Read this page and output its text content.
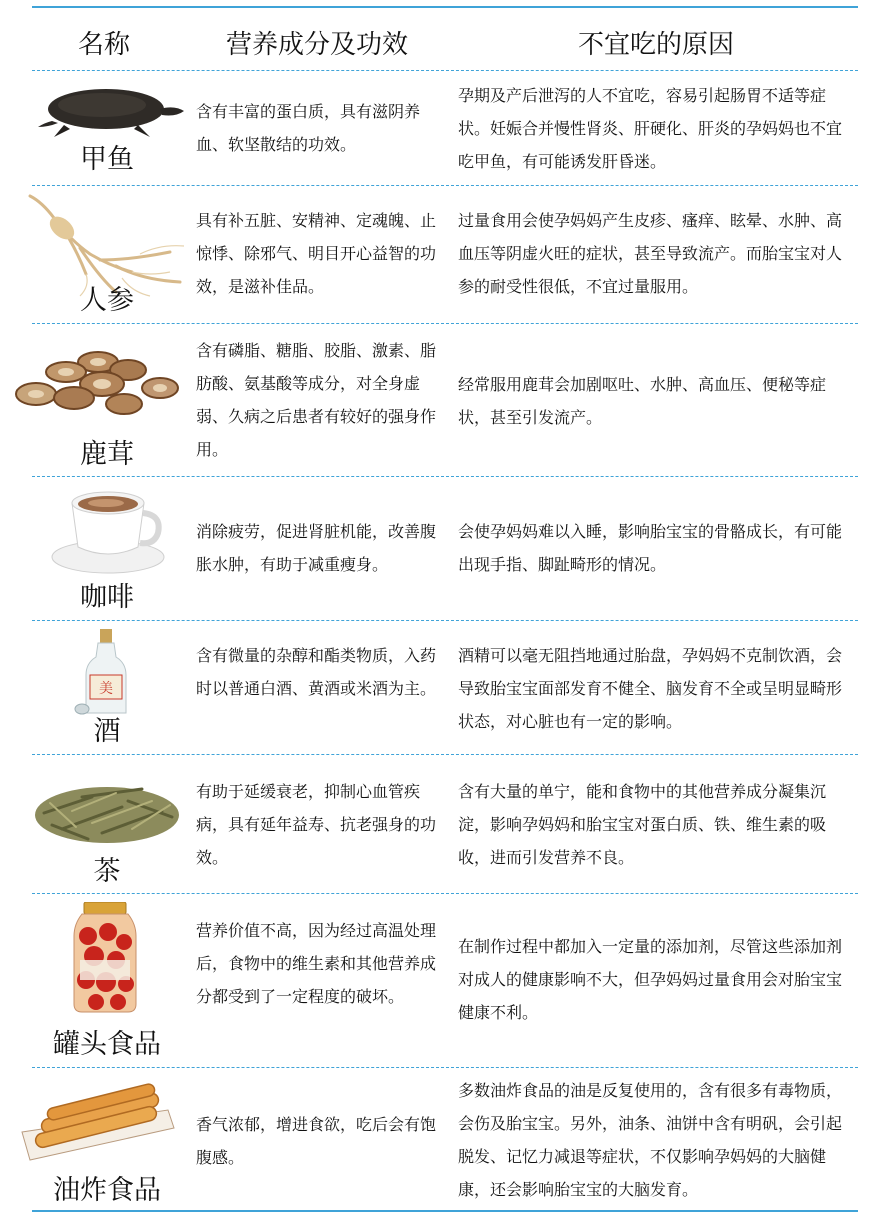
名称	营养成分及功效	不宜吃的原因
甲鱼
含有丰富的蛋白质，具有滋阴养血、软坚散结的功效。
孕期及产后泄泻的人不宜吃，容易引起肠胃不适等症状。妊娠合并慢性肾炎、肝硬化、肝炎的孕妈妈也不宜吃甲鱼，有可能诱发肝昏迷。
人参
具有补五脏、安精神、定魂魄、止惊悸、除邪气、明目开心益智的功效，是滋补佳品。
过量食用会使孕妈妈产生皮疹、瘙痒、眩晕、水肿、高血压等阴虚火旺的症状，甚至导致流产。而胎宝宝对人参的耐受性很低，不宜过量服用。
鹿茸
含有磷脂、糖脂、胶脂、激素、脂肪酸、氨基酸等成分，对全身虚弱、久病之后患者有较好的强身作用。
经常服用鹿茸会加剧呕吐、水肿、高血压、便秘等症状，甚至引发流产。
咖啡
消除疲劳，促进肾脏机能，改善腹胀水肿，有助于减重瘦身。
会使孕妈妈难以入睡，影响胎宝宝的骨骼成长，有可能出现手指、脚趾畸形的情况。
美
酒
含有微量的杂醇和酯类物质，入药时以普通白酒、黄酒或米酒为主。
酒精可以毫无阻挡地通过胎盘，孕妈妈不克制饮酒，会导致胎宝宝面部发育不健全、脑发育不全或呈明显畸形状态，对心脏也有一定的影响。
茶
有助于延缓衰老，抑制心血管疾病，具有延年益寿、抗老强身的功效。
含有大量的单宁，能和食物中的其他营养成分凝集沉淀，影响孕妈妈和胎宝宝对蛋白质、铁、维生素的吸收，进而引发营养不良。
罐头食品
营养价值不高，因为经过高温处理后，食物中的维生素和其他营养成分都受到了一定程度的破坏。
在制作过程中都加入一定量的添加剂，尽管这些添加剂对成人的健康影响不大，但孕妈妈过量食用会对胎宝宝健康不利。
油炸食品
香气浓郁，增进食欲，吃后会有饱腹感。
多数油炸食品的油是反复使用的，含有很多有毒物质，会伤及胎宝宝。另外，油条、油饼中含有明矾，会引起脱发、记忆力减退等症状，不仅影响孕妈妈的大脑健康，还会影响胎宝宝的大脑发育。
